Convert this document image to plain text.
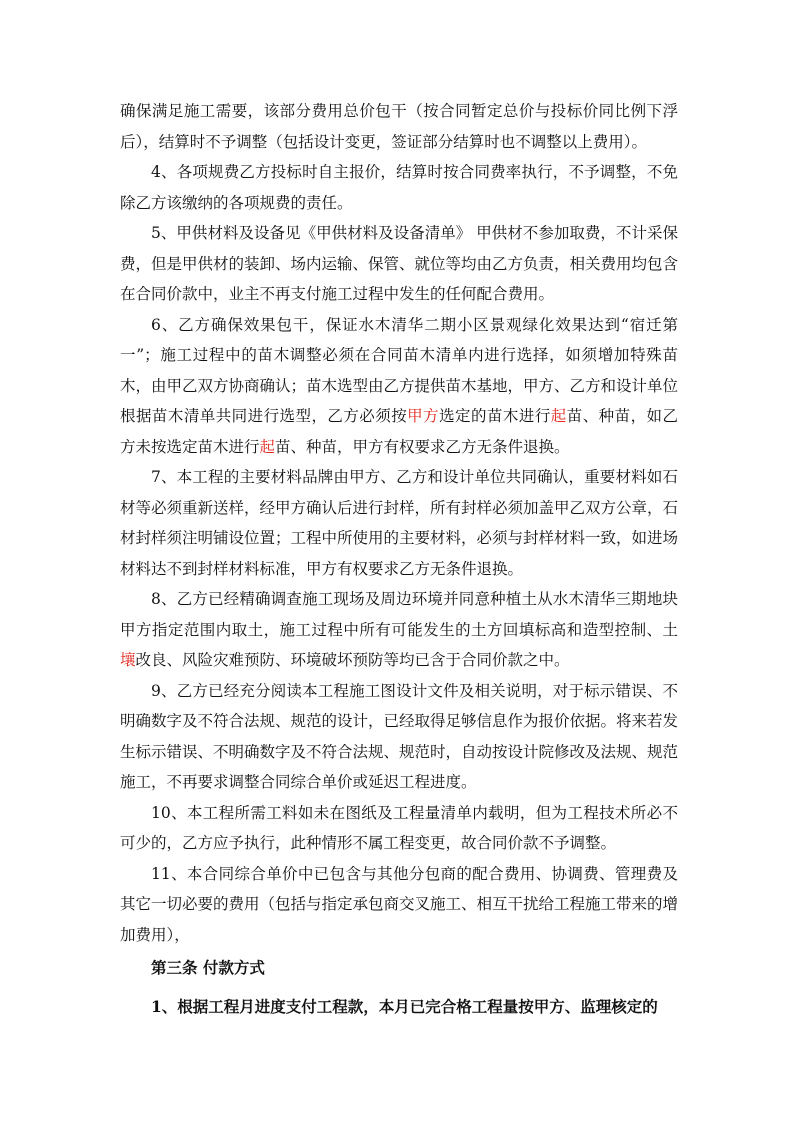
确保满足施工需要，该部分费用总价包干（按合同暂定总价与投标价同比例下浮后），结算时不予调整（包括设计变更，签证部分结算时也不调整以上费用）。

4、各项规费乙方投标时自主报价，结算时按合同费率执行，不予调整，不免除乙方该缴纳的各项规费的责任。

5、甲供材料及设备见《甲供材料及设备清单》 甲供材不参加取费，不计采保费，但是甲供材的装卸、场内运输、保管、就位等均由乙方负责，相关费用均包含在合同价款中，业主不再支付施工过程中发生的任何配合费用。

6、乙方确保效果包干，保证水木清华二期小区景观绿化效果达到“宿迁第一”；施工过程中的苗木调整必须在合同苗木清单内进行选择，如须增加特殊苗木，由甲乙双方协商确认；苗木选型由乙方提供苗木基地，甲方、乙方和设计单位根据苗木清单共同进行选型，乙方必须按甲方选定的苗木进行起苗、种苗，如乙方未按选定苗木进行起苗、种苗，甲方有权要求乙方无条件退换。

7、本工程的主要材料品牌由甲方、乙方和设计单位共同确认，重要材料如石材等必须重新送样，经甲方确认后进行封样，所有封样必须加盖甲乙双方公章，石材封样须注明铺设位置；工程中所使用的主要材料，必须与封样材料一致，如进场材料达不到封样材料标准，甲方有权要求乙方无条件退换。

8、乙方已经精确调查施工现场及周边环境并同意种植土从水木清华三期地块甲方指定范围内取土，施工过程中所有可能发生的土方回填标高和造型控制、土壤改良、风险灾难预防、环境破坏预防等均已含于合同价款之中。

9、乙方已经充分阅读本工程施工图设计文件及相关说明，对于标示错误、不明确数字及不符合法规、规范的设计，已经取得足够信息作为报价依据。将来若发生标示错误、不明确数字及不符合法规、规范时，自动按设计院修改及法规、规范施工，不再要求调整合同综合单价或延迟工程进度。

10、本工程所需工料如未在图纸及工程量清单内载明，但为工程技术所必不可少的，乙方应予执行，此种情形不属工程变更，故合同价款不予调整。

11、本合同综合单价中已包含与其他分包商的配合费用、协调费、管理费及其它一切必要的费用（包括与指定承包商交叉施工、相互干扰给工程施工带来的增加费用），

第三条 付款方式

1、根据工程月进度支付工程款，本月已完合格工程量按甲方、监理核定的
